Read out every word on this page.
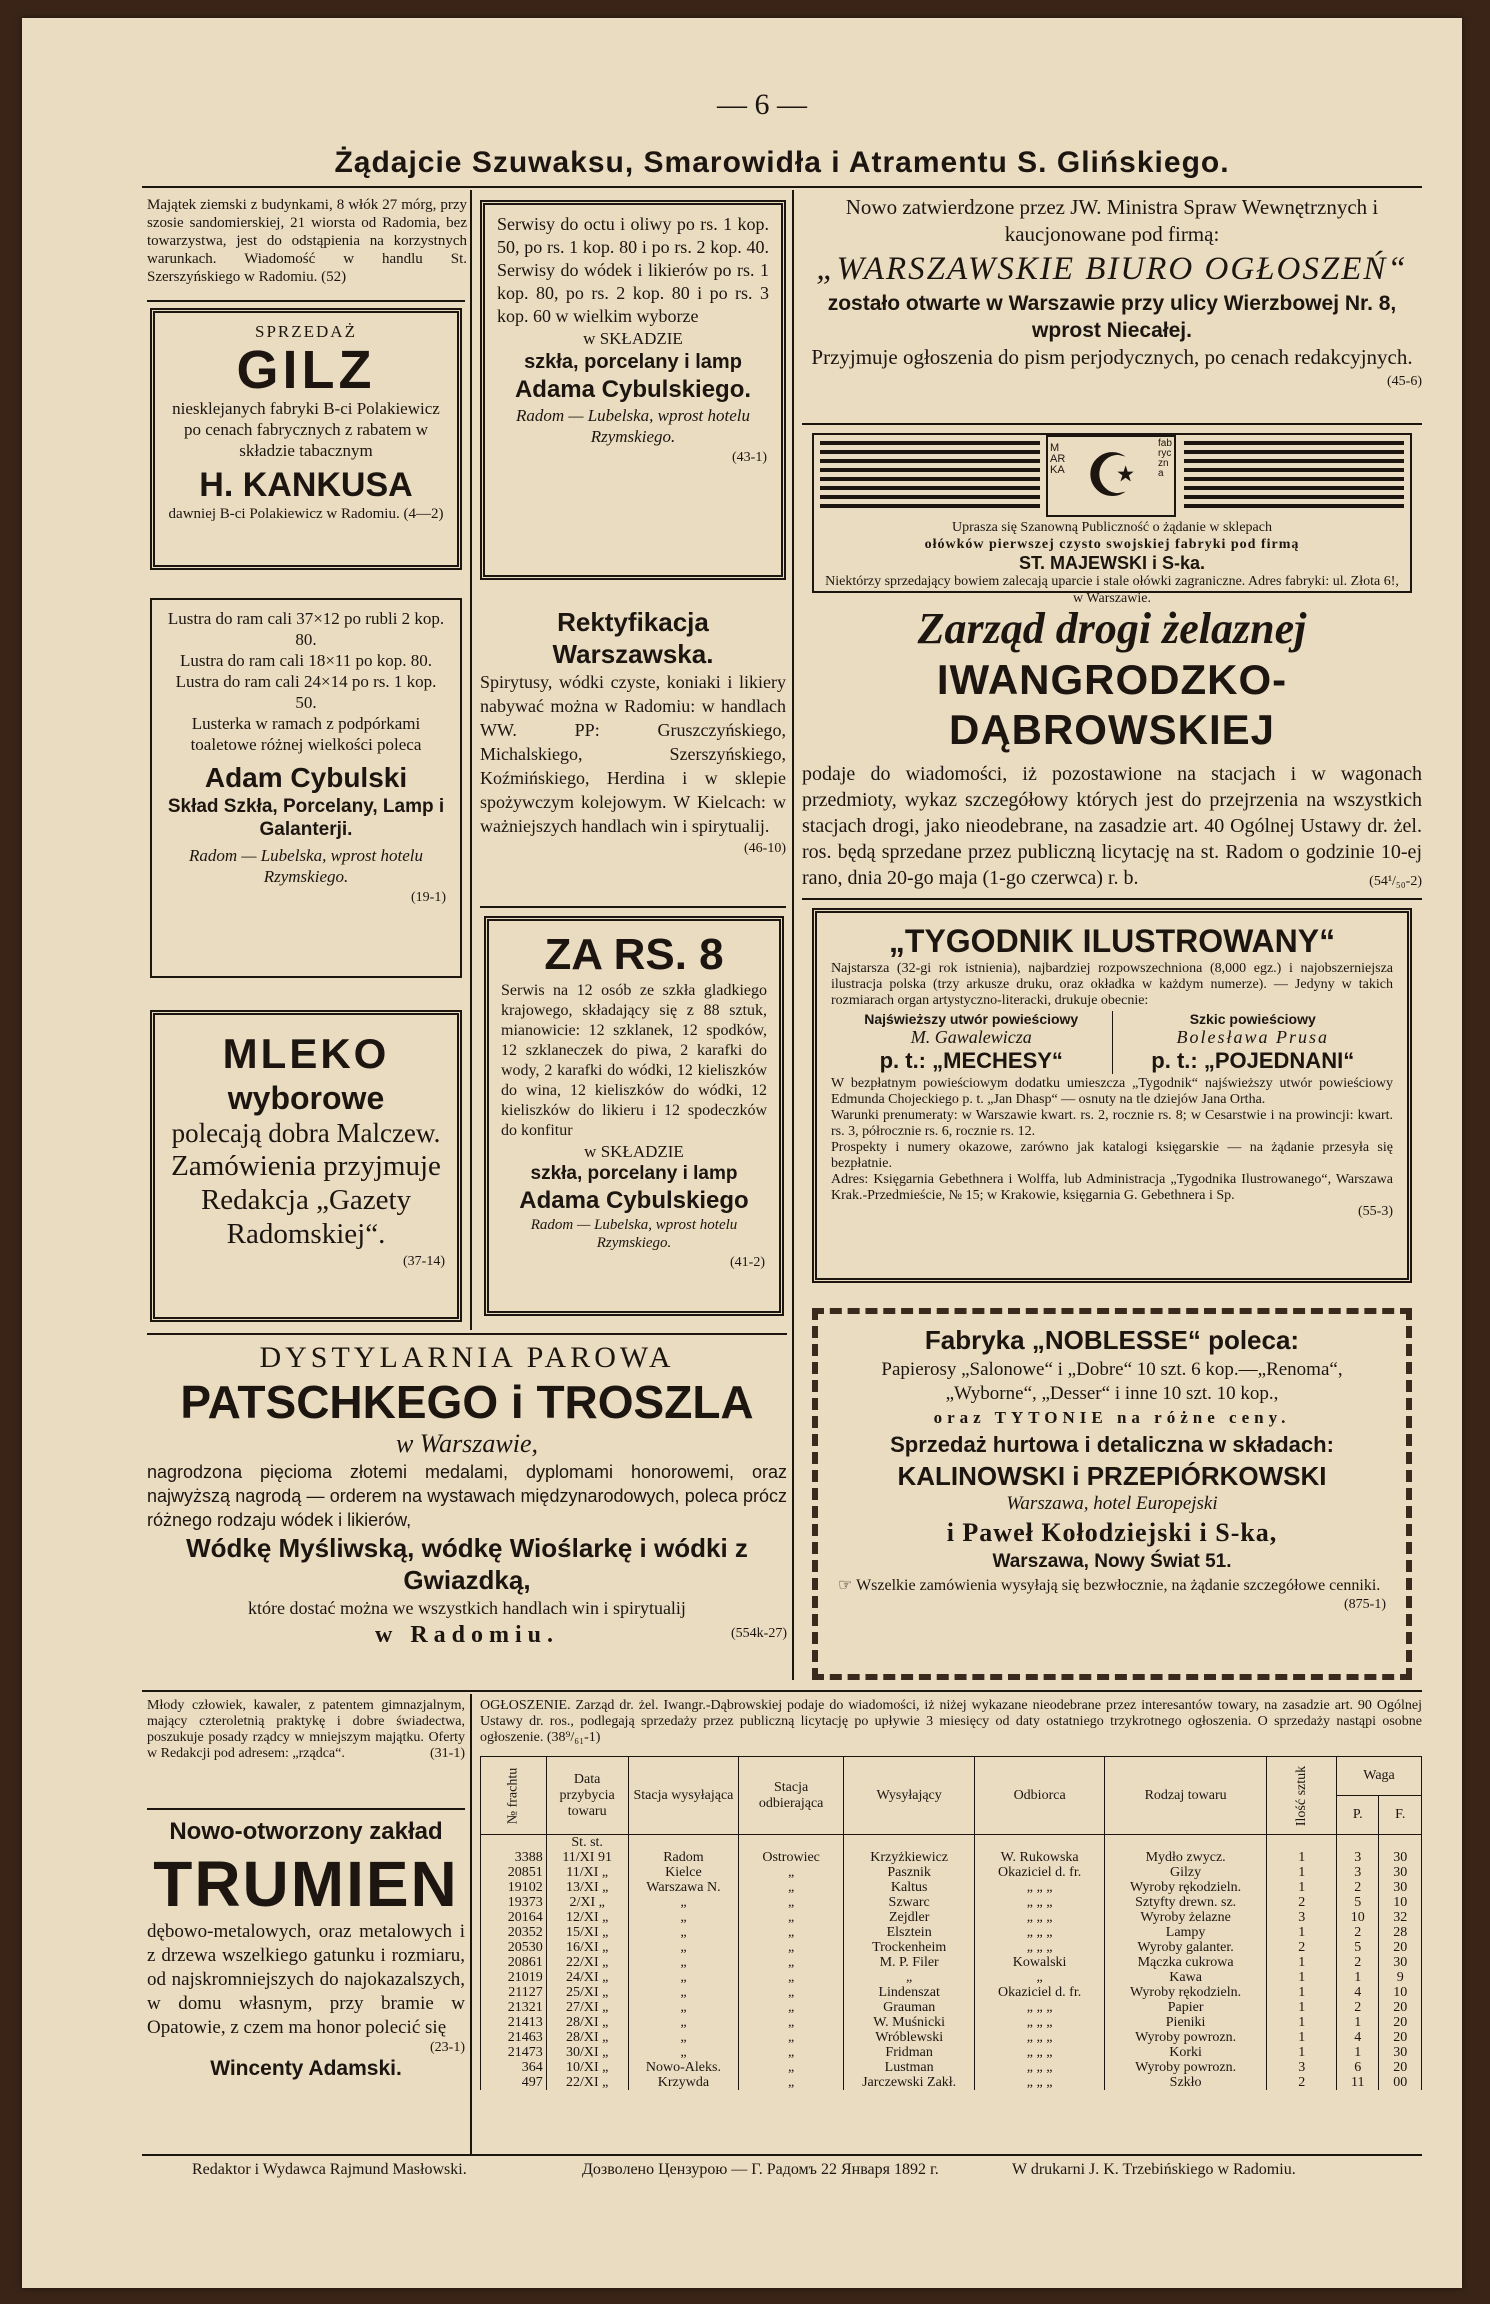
— 6 —
Żądajcie Szuwaksu, Smarowidła i Atramentu S. Glińskiego.
Majątek ziemski z budynkami, 8 włók 27 mórg, przy szosie sandomierskiej, 21 wiorsta od Radomia, bez towarzystwa, jest do odstąpienia na korzystnych warunkach. Wiadomość w handlu St. Szerszyńskiego w Radomiu. (52)
SPRZEDAŻ
GILZ
niesklejanych fabryki B-ci Polakiewicz po cenach fabrycznych z rabatem w składzie tabacznym
H. KANKUSA
dawniej B-ci Polakiewicz w Radomiu. (4—2)
Lustra do ram cali 37×12 po rubli 2 kop. 80.
Lustra do ram cali 18×11 po kop. 80.
Lustra do ram cali 24×14 po rs. 1 kop. 50.
Lusterka w ramach z podpórkami toaletowe różnej wielkości poleca
Adam Cybulski
Skład Szkła, Porcelany, Lamp i Galanterji.
Radom — Lubelska, wprost hotelu Rzymskiego.
(19-1)
MLEKO
wyborowe
polecają dobra Malczew.
Zamówienia przyjmuje Redakcja „Gazety Radomskiej“.
(37-14)
Serwisy do octu i oliwy po rs. 1 kop. 50, po rs. 1 kop. 80 i po rs. 2 kop. 40. Serwisy do wódek i likierów po rs. 1 kop. 80, po rs. 2 kop. 80 i po rs. 3 kop. 60 w wielkim wyborze
w SKŁADZIE
szkła, porcelany i lamp
Adama Cybulskiego.
Radom — Lubelska, wprost hotelu Rzymskiego.
(43-1)
Rektyfikacja Warszawska.
Spirytusy, wódki czyste, koniaki i likiery nabywać można w Radomiu: w handlach WW. PP: Gruszczyńskiego, Michalskiego, Szerszyńskiego, Koźmińskiego, Herdina i w sklepie spożywczym kolejowym. W Kielcach: w ważniejszych handlach win i spirytualij.
(46-10)
ZA RS. 8
Serwis na 12 osób ze szkła gladkiego krajowego, składający się z 88 sztuk, mianowicie: 12 szklanek, 12 spodków, 12 szklaneczek do piwa, 2 karafki do wody, 2 karafki do wódki, 12 kieliszków do wina, 12 kieliszków do wódki, 12 kieliszków do likieru i 12 spodeczków do konfitur
w SKŁADZIE
szkła, porcelany i lamp
Adama Cybulskiego
Radom — Lubelska, wprost hotelu Rzymskiego.
(41-2)
Nowo zatwierdzone przez JW. Ministra Spraw Wewnętrznych i kaucjonowane pod firmą:
„WARSZAWSKIE BIURO OGŁOSZEŃ“
zostało otwarte w Warszawie przy ulicy Wierzbowej Nr. 8, wprost Niecałej.
Przyjmuje ogłoszenia do pism perjodycznych, po cenach redakcyjnych.
(45-6)
MARKA ☪	fabryczna
Uprasza się Szanowną Publiczność o żądanie w sklepach
ołówków pierwszej czysto swojskiej fabryki pod firmą
ST. MAJEWSKI i S-ka.
Niektórzy sprzedający bowiem zalecają uparcie i stale ołówki zagraniczne. Adres fabryki: ul. Złota 6!, w Warszawie.
Zarząd drogi żelaznej
IWANGRODZKO-DĄBROWSKIEJ
podaje do wiadomości, iż pozostawione na stacjach i w wagonach przedmioty, wykaz szczegółowy których jest do przejrzenia na wszystkich stacjach drogi, jako nieodebrane, na zasadzie art. 40 Ogólnej Ustawy dr. żel. ros. będą sprzedane przez publiczną licytację na st. Radom o godzinie 10-ej rano, dnia 20-go maja (1-go czerwca) r. b.	(54¹/₅₀-2)
„TYGODNIK ILUSTROWANY“
Najstarsza (32-gi rok istnienia), najbardziej rozpowszechniona (8,000 egz.) i najobszerniejsza ilustracja polska (trzy arkusze druku, oraz okładka w każdym numerze). — Jedyny w takich rozmiarach organ artystyczno-literacki, drukuje obecnie:
Najświeższy utwór powieściowy
M. Gawalewicza
p. t.: „MECHESY“
Szkic powieściowy
Bolesława Prusa
p. t.: „POJEDNANI“
W bezpłatnym powieściowym dodatku umieszcza „Tygodnik“ najświeższy utwór powieściowy Edmunda Chojeckiego p. t. „Jan Dhasp“ — osnuty na tle dziejów Jana Ortha.
Warunki prenumeraty: w Warszawie kwart. rs. 2, rocznie rs. 8; w Cesarstwie i na prowincji: kwart. rs. 3, półrocznie rs. 6, rocznie rs. 12.
Prospekty i numery okazowe, zarówno jak katalogi księgarskie — na żądanie przesyła się bezpłatnie.
Adres: Księgarnia Gebethnera i Wolffa, lub Administracja „Tygodnika Ilustrowanego“, Warszawa Krak.-Przedmieście, № 15; w Krakowie, księgarnia G. Gebethnera i Sp.
(55-3)
Fabryka „NOBLESSE“ poleca:
Papierosy „Salonowe“ i „Dobre“ 10 szt. 6 kop.—„Renoma“, „Wyborne“, „Desser“ i inne 10 szt. 10 kop.,
oraz TYTONIE na różne ceny.
Sprzedaż hurtowa i detaliczna w składach:
KALINOWSKI i PRZEPIÓRKOWSKI
Warszawa, hotel Europejski
i Paweł Kołodziejski i S-ka,
Warszawa, Nowy Świat 51.
☞ Wszelkie zamówienia wysyłają się bezwłocznie, na żądanie szczegółowe cenniki.
(875-1)
DYSTYLARNIA PAROWA
PATSCHKEGO i TROSZLA
w Warszawie,
nagrodzona pięcioma złotemi medalami, dyplomami honorowemi, oraz najwyższą nagrodą — orderem na wystawach międzynarodowych, poleca prócz różnego rodzaju wódek i likierów,
Wódkę Myśliwską, wódkę Wioślarkę i wódki z Gwiazdką,
które dostać można we wszystkich handlach win i spirytualij
w Radomiu.	(554k-27)
Młody człowiek, kawaler, z patentem gimnazjalnym, mający czteroletnią praktykę i dobre świadectwa, poszukuje posady rządcy w mniejszym majątku. Oferty w Redakcji pod adresem: „rządca“.	(31-1)
Nowo-otworzony zakład
TRUMIEN
dębowo-metalowych, oraz metalowych i z drzewa wszelkiego gatunku i rozmiaru, od najskromniejszych do najokazalszych, w domu własnym, przy bramie w Opatowie, z czem ma honor polecić się
(23-1)
Wincenty Adamski.
OGŁOSZENIE. Zarząd dr. żel. Iwangr.-Dąbrowskiej podaje do wiadomości, iż niżej wykazane nieodebrane przez interesantów towary, na zasadzie art. 90 Ogólnej Ustawy dr. ros., podlegają sprzedaży przez publiczną licytację po upływie 3 miesięcy od daty ostatniego trzykrotnego ogłoszenia. O sprzedaży nastąpi osobne ogłoszenie. (38⁹/₆₁-1)
№ frachtu	Data przybycia towaru	Stacja wysyłająca	Stacja odbierająca	Wysyłający	Odbiorca	Rodzaj towaru	Ilość sztuk	Waga	
								P.	F.
	St. st.								
3388	11/XI 91	Radom	Ostrowiec	Krzyżkiewicz	W. Rukowska	Mydło zwycz.	1	3	30
20851	11/XI „	Kielce	„	Pasznik	Okaziciel d. fr.	Gilzy	1	3	30
19102	13/XI „	Warszawa N.	„	Kaltus	„ „ „	Wyroby rękodzieln.	1	2	30
19373	2/XI „	„	„	Szwarc	„ „ „	Sztyfty drewn. sz.	2	5	10
20164	12/XI „	„	„	Zejdler	„ „ „	Wyroby żelazne	3	10	32
20352	15/XI „	„	„	Elsztein	„ „ „	Lampy	1	2	28
20530	16/XI „	„	„	Trockenheim	„ „ „	Wyroby galanter.	2	5	20
20861	22/XI „	„	„	M. P. Filer	Kowalski	Mączka cukrowa	1	2	30
21019	24/XI „	„	„	„	„	Kawa	1	1	9
21127	25/XI „	„	„	Lindenszat	Okaziciel d. fr.	Wyroby rękodzieln.	1	4	10
21321	27/XI „	„	„	Grauman	„ „ „	Papier	1	2	20
21413	28/XI „	„	„	W. Muśnicki	„ „ „	Pieniki	1	1	20
21463	28/XI „	„	„	Wróblewski	„ „ „	Wyroby powrozn.	1	4	20
21473	30/XI „	„	„	Fridman	„ „ „	Korki	1	1	30
364	10/XI „	Nowo-Aleks.	„	Lustman	„ „ „	Wyroby powrozn.	3	6	20
497	22/XI „	Krzywda	„	Jarczewski Zakł.	„ „ „	Szkło	2	11	00
Redaktor i Wydawca Rajmund Masłowski.	Дозволено Цензурою — Г. Радомъ 22 Января 1892 г.	W drukarni J. K. Trzebińskiego w Radomiu.
